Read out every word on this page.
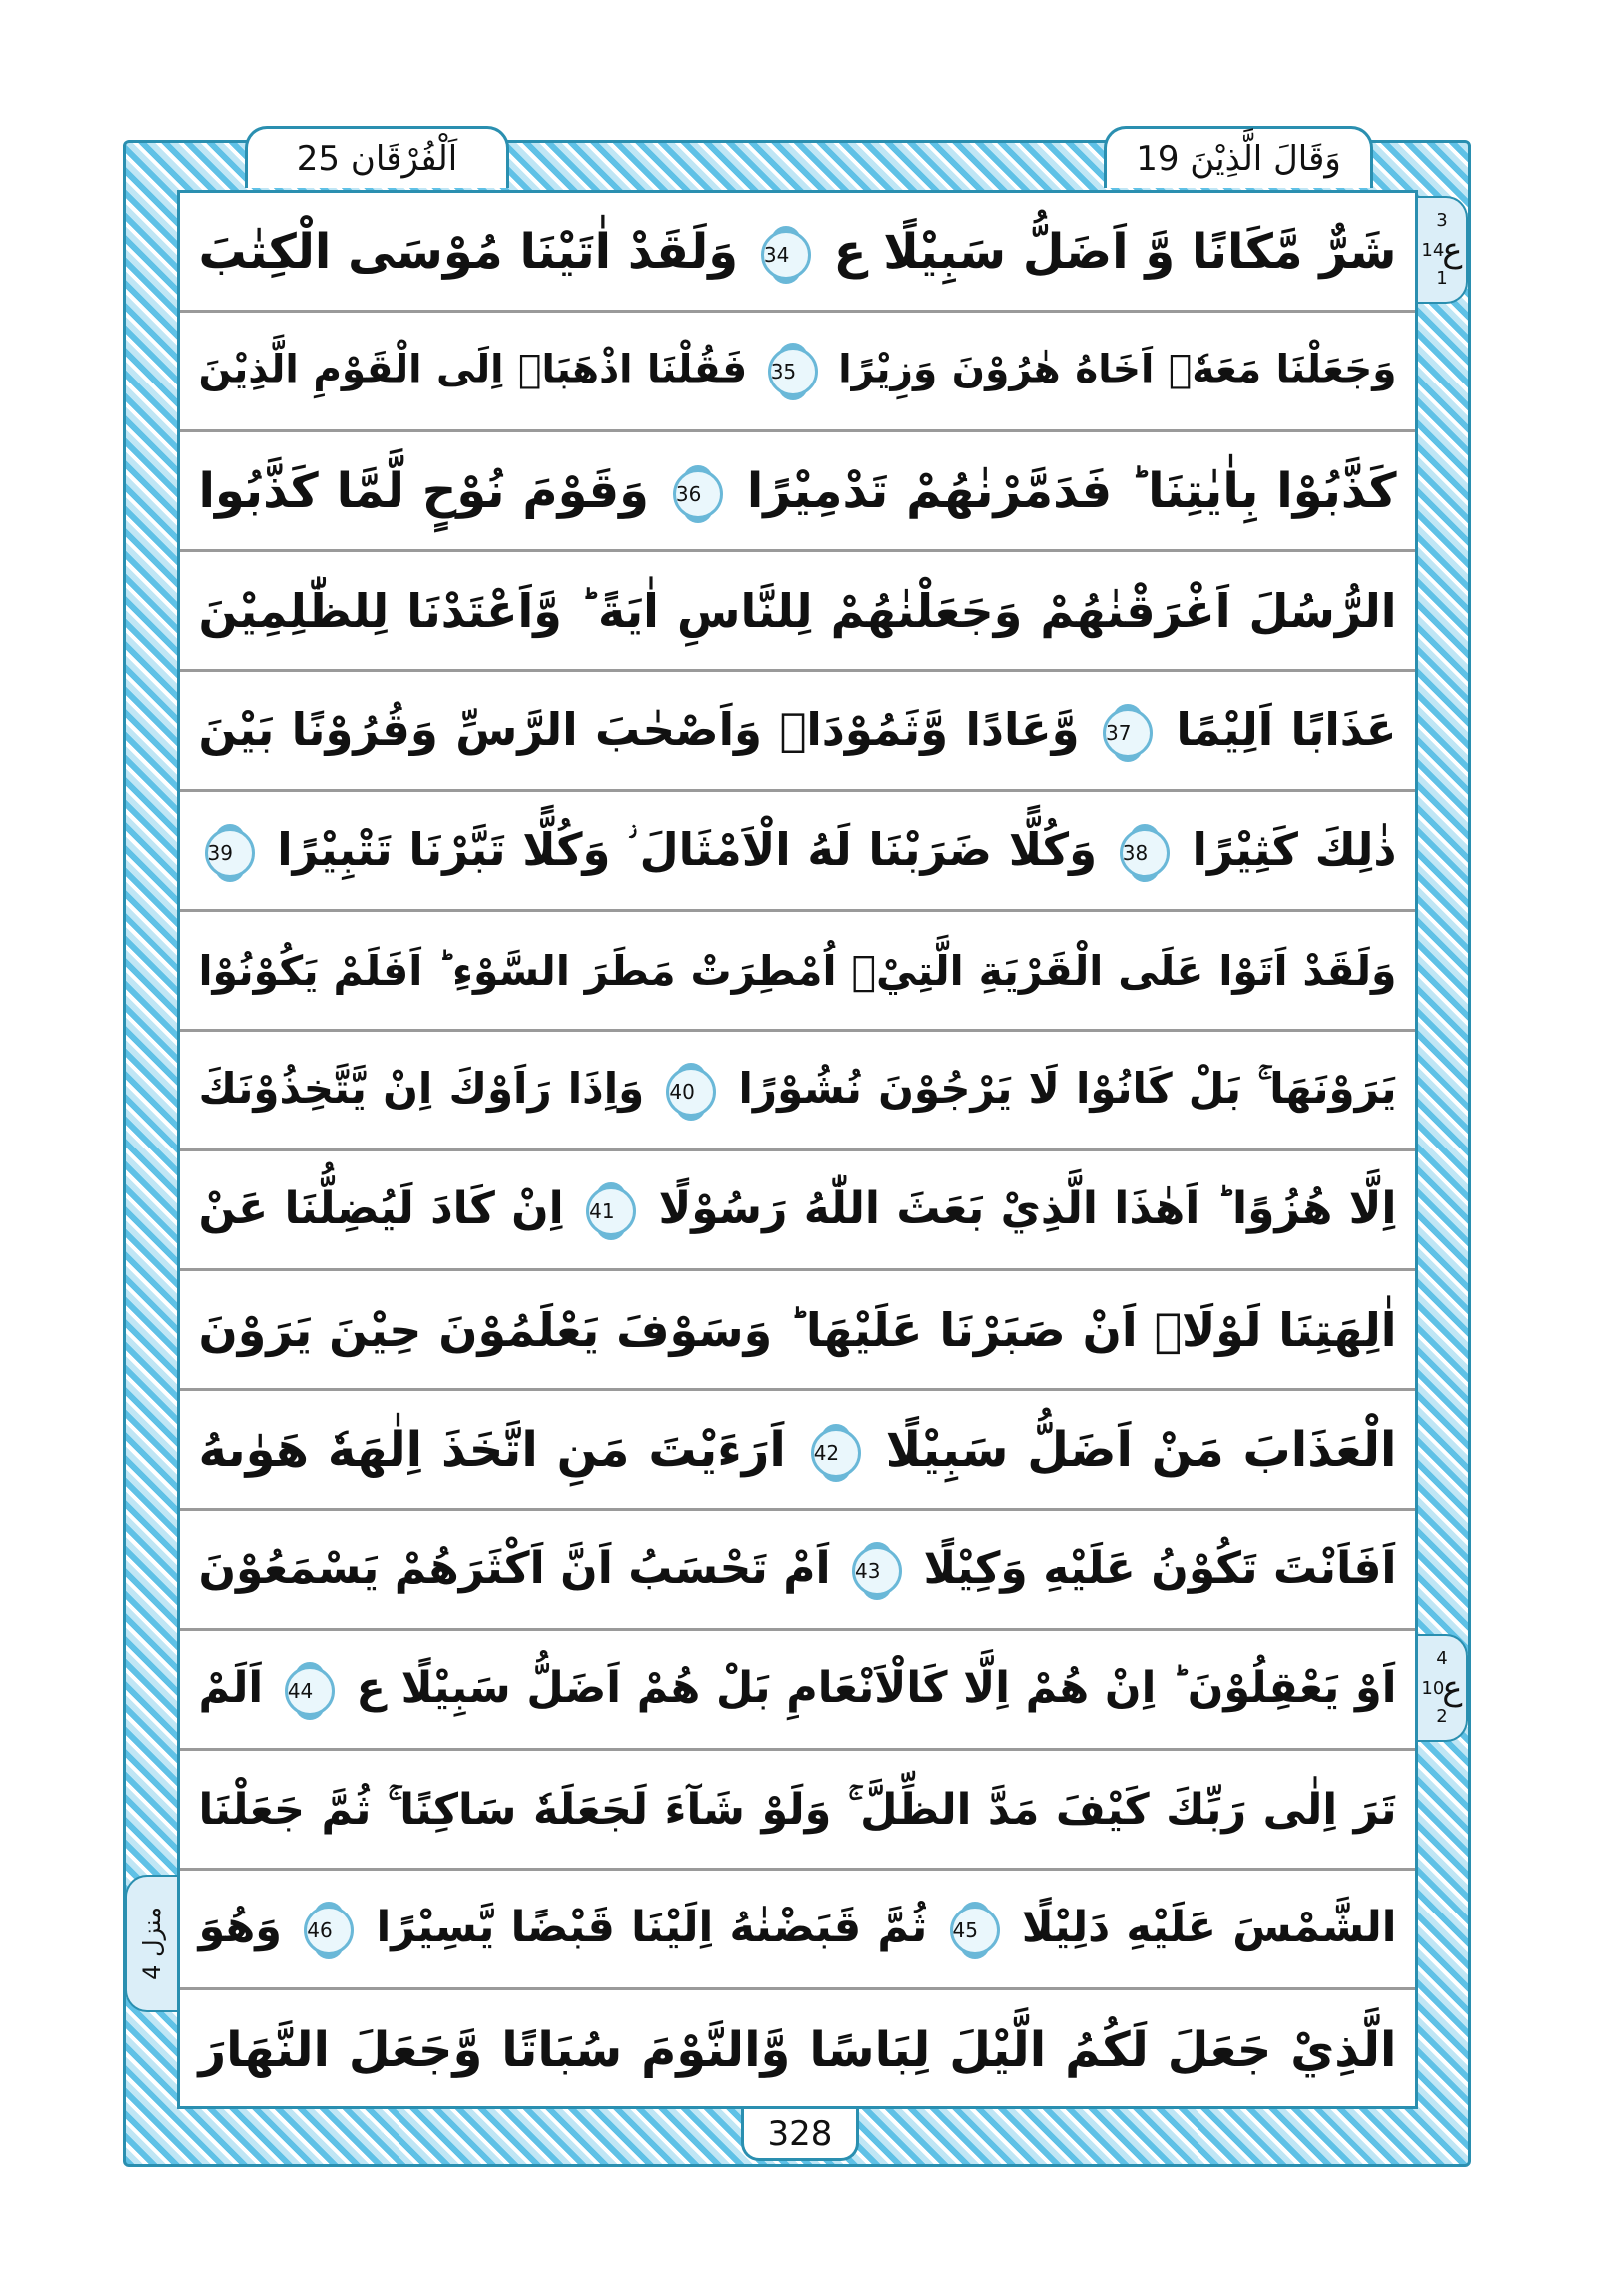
اَلْفُرْقَان 25	وَقَالَ الَّذِيْنَ 19
شَرٌّ مَّكَانًا وَّ اَضَلُّ سَبِيْلًا ع 34 وَلَقَدْ اٰتَيْنَا مُوْسَى الْكِتٰبَ
وَجَعَلْنَا مَعَهٗۤ اَخَاهُ هٰرُوْنَ وَزِيْرًا 35 فَقُلْنَا اذْهَبَاۤ اِلَى الْقَوْمِ الَّذِيْنَ
كَذَّبُوْا بِاٰيٰتِنَا ؕ فَدَمَّرْنٰهُمْ تَدْمِيْرًا 36 وَقَوْمَ نُوْحٍ لَّمَّا كَذَّبُوا
الرُّسُلَ اَغْرَقْنٰهُمْ وَجَعَلْنٰهُمْ لِلنَّاسِ اٰيَةً ؕ وَّاَعْتَدْنَا لِلظّٰلِمِيْنَ
عَذَابًا اَلِيْمًا 37 وَّعَادًا وَّثَمُوْدَا۠ وَاَصْحٰبَ الرَّسِّ وَقُرُوْنًا بَيْنَ
ذٰلِكَ كَثِيْرًا 38 وَكُلًّا ضَرَبْنَا لَهُ الْاَمْثَالَ ؗ وَكُلًّا تَبَّرْنَا تَتْبِيْرًا 39
وَلَقَدْ اَتَوْا عَلَى الْقَرْيَةِ الَّتِيْۤ اُمْطِرَتْ مَطَرَ السَّوْءِ ؕ اَفَلَمْ يَكُوْنُوْا
يَرَوْنَهَا ۚ بَلْ كَانُوْا لَا يَرْجُوْنَ نُشُوْرًا 40 وَاِذَا رَاَوْكَ اِنْ يَّتَّخِذُوْنَكَ
اِلَّا هُزُوًا ؕ اَهٰذَا الَّذِيْ بَعَثَ اللّٰهُ رَسُوْلًا 41 اِنْ كَادَ لَيُضِلُّنَا عَنْ
اٰلِهَتِنَا لَوْلَاۤ اَنْ صَبَرْنَا عَلَيْهَا ؕ وَسَوْفَ يَعْلَمُوْنَ حِيْنَ يَرَوْنَ
الْعَذَابَ مَنْ اَضَلُّ سَبِيْلًا 42 اَرَءَيْتَ مَنِ اتَّخَذَ اِلٰهَهٗ هَوٰىهُ
اَفَاَنْتَ تَكُوْنُ عَلَيْهِ وَكِيْلًا 43 اَمْ تَحْسَبُ اَنَّ اَكْثَرَهُمْ يَسْمَعُوْنَ
اَوْ يَعْقِلُوْنَ ؕ اِنْ هُمْ اِلَّا كَالْاَنْعَامِ بَلْ هُمْ اَضَلُّ سَبِيْلًا ع 44 اَلَمْ
تَرَ اِلٰى رَبِّكَ كَيْفَ مَدَّ الظِّلَّ ۚ وَلَوْ شَآءَ لَجَعَلَهٗ سَاكِنًا ۚ ثُمَّ جَعَلْنَا
الشَّمْسَ عَلَيْهِ دَلِيْلًا 45 ثُمَّ قَبَضْنٰهُ اِلَيْنَا قَبْضًا يَّسِيْرًا 46 وَهُوَ
الَّذِيْ جَعَلَ لَكُمُ الَّيْلَ لِبَاسًا وَّالنَّوْمَ سُبَاتًا وَّجَعَلَ النَّهَارَ
3
ع
14
1
4
ع
10
2
منزل 4
328
